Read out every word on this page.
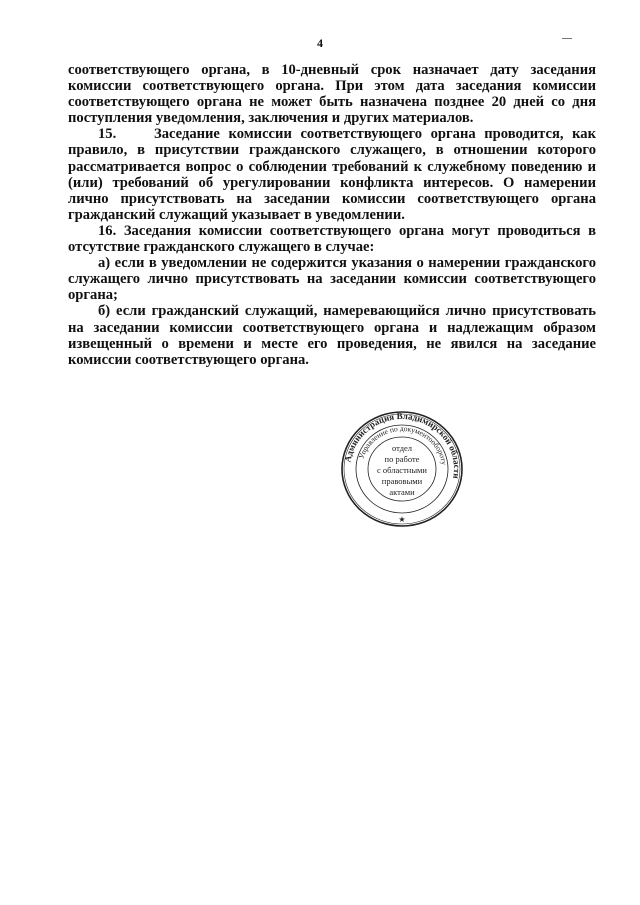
4

соответствующего органа, в 10-дневный срок назначает дату заседания комиссии соответствующего органа. При этом дата заседания комиссии соответствующего органа не может быть назначена позднее 20 дней со дня поступления уведомления, заключения и других материалов.

15.	Заседание комиссии соответствующего органа проводится, как правило, в присутствии гражданского служащего, в отношении которого рассматривается вопрос о соблюдении требований к служебному поведению и (или) требований об урегулировании конфликта интересов. О намерении лично присутствовать на заседании комиссии соответствующего органа гражданский служащий указывает в уведомлении.

16. Заседания комиссии соответствующего органа могут проводиться в отсутствие гражданского служащего в случае:

а) если в уведомлении не содержится указания о намерении гражданского служащего лично присутствовать на заседании комиссии соответствующего органа;

б) если гражданский служащий, намеревающийся лично присутствовать на заседании комиссии соответствующего органа и надлежащим образом извещенный о времени и месте его проведения, не явился на заседание комиссии соответствующего органа.

Администрация Владимирской области
Управление по документообороту
★
отдел
по работе
с областными
правовыми
актами
